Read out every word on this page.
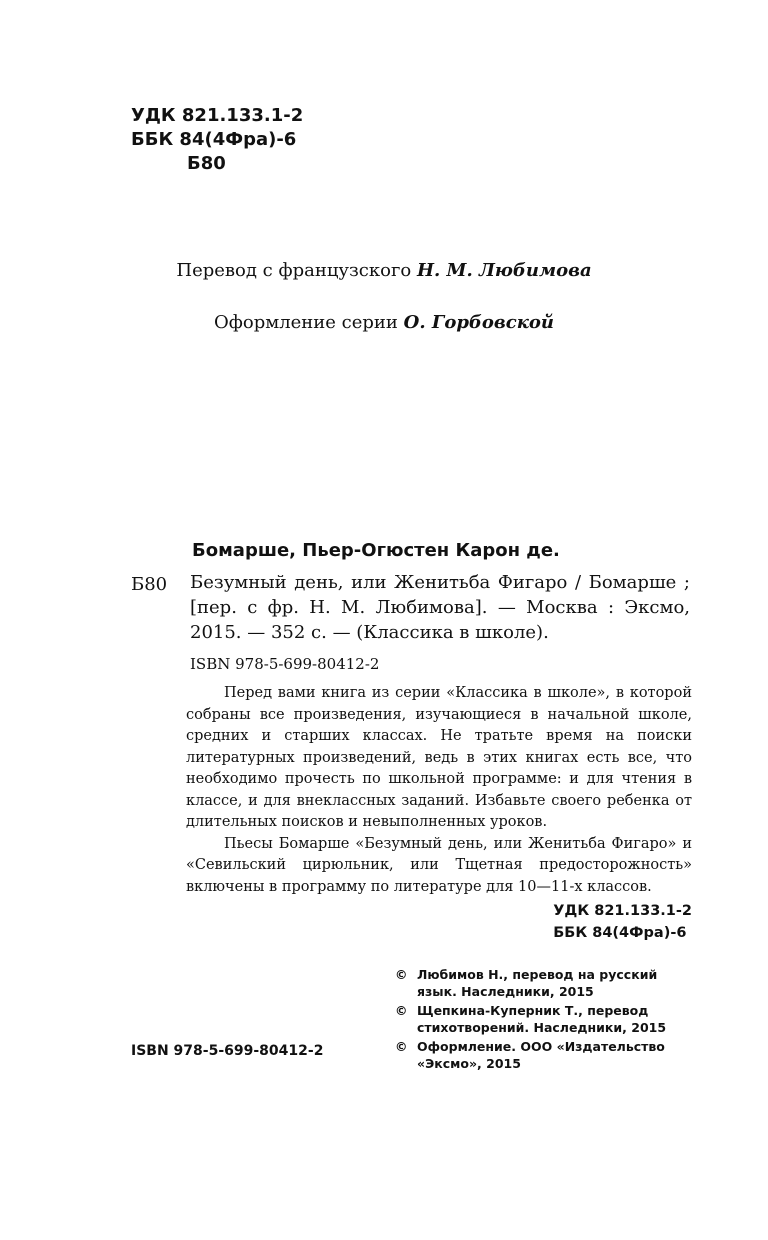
УДК 821.133.1-2
ББК 84(4Фра)-6
Б80
Перевод с французского Н. М. Любимова
Оформление серии О. Горбовской
Бомарше, Пьер-Огюстен Карон де.
Б80 Безумный день, или Женитьба Фигаро / Бомарше ; [пер. с фр. Н. М. Любимова]. — Москва : Эксмо, 2015. — 352 с. — (Классика в школе).
ISBN 978-5-699-80412-2

Перед вами книга из серии «Классика в школе», в которой собраны все произведения, изучающиеся в начальной школе, средних и старших классах. Не тратьте время на поиски литературных произведений, ведь в этих книгах есть все, что необходимо прочесть по школьной программе: и для чтения в классе, и для внеклассных заданий. Избавьте своего ребенка от длительных поисков и невыполненных уроков.

Пьесы Бомарше «Безумный день, или Женитьба Фигаро» и «Севильский цирюльник, или Тщетная предосторожность» включены в программу по литературе для 10—11-х классов.

УДК 821.133.1-2
ББК 84(4Фра)-6
© Любимов Н., перевод на русский язык. Наследники, 2015
© Щепкина-Куперник Т., перевод стихотворений. Наследники, 2015
© Оформление. ООО «Издательство «Эксмо», 2015
ISBN 978-5-699-80412-2
